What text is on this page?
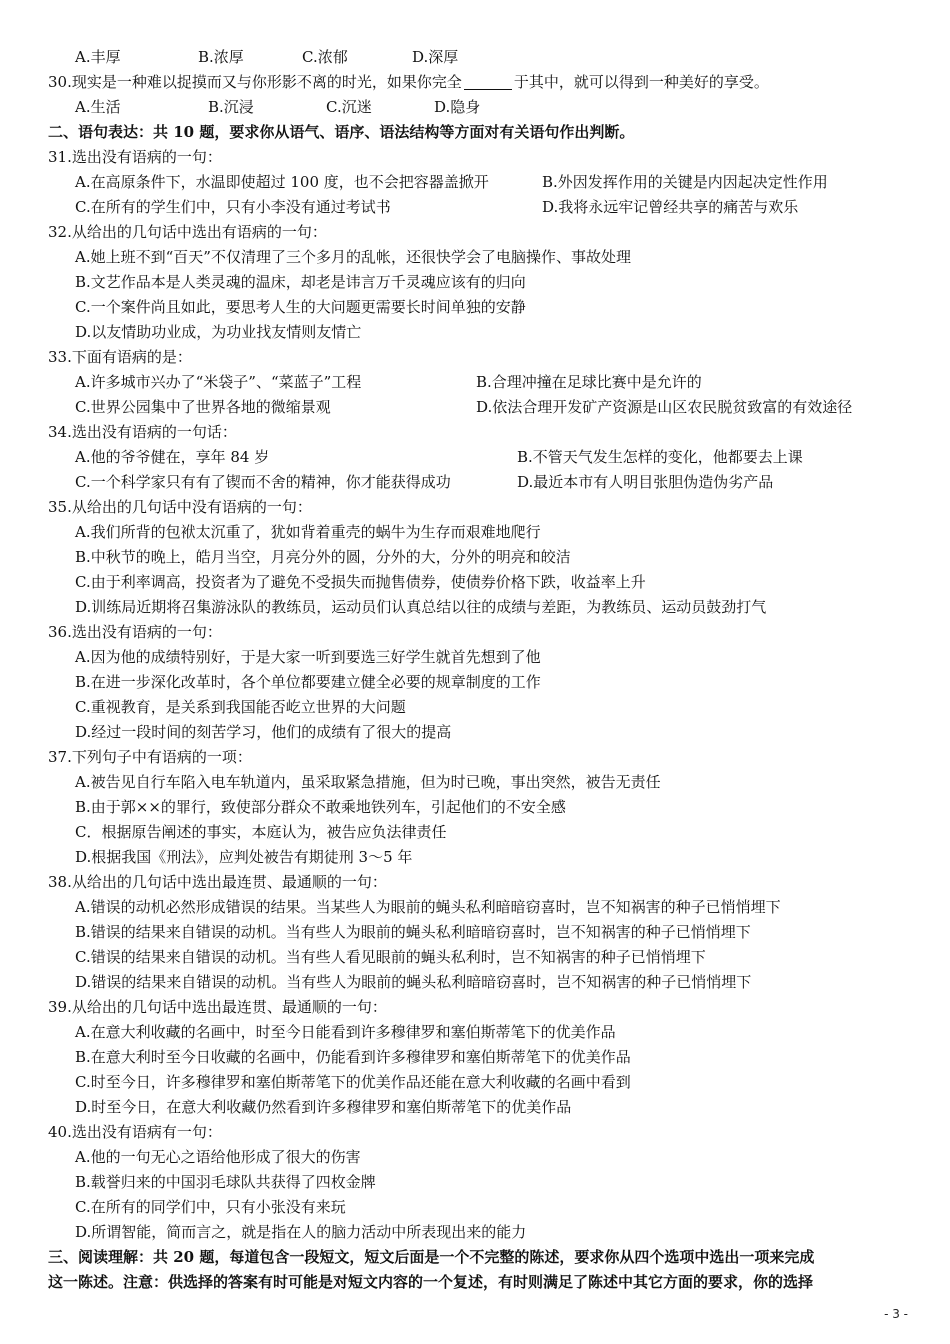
A.丰厚	B.浓厚	C.浓郁	D.深厚
30.现实是一种难以捉摸而又与你形影不离的时光，如果你完全	于其中，就可以得到一种美好的享受。
A.生活	B.沉浸	C.沉迷	D.隐身
二、语句表达：共 10 题，要求你从语气、语序、语法结构等方面对有关语句作出判断。
31.选出没有语病的一句：
A.在高原条件下，水温即使超过 100 度，也不会把容器盖掀开	B.外因发挥作用的关键是内因起决定性作用
C.在所有的学生们中，只有小李没有通过考试书	D.我将永远牢记曾经共享的痛苦与欢乐
32.从给出的几句话中选出有语病的一句：
A.她上班不到“百天”不仅清理了三个多月的乱帐，还很快学会了电脑操作、事故处理
B.文艺作品本是人类灵魂的温床，却老是讳言万千灵魂应该有的归向
C.一个案件尚且如此，要思考人生的大问题更需要长时间单独的安静
D.以友情助功业成，为功业找友情则友情亡
33.下面有语病的是：
A.许多城市兴办了“米袋子”、“菜蓝子”工程	B.合理冲撞在足球比赛中是允许的
C.世界公园集中了世界各地的微缩景观	D.依法合理开发矿产资源是山区农民脱贫致富的有效途径
34.选出没有语病的一句话：
A.他的爷爷健在，享年 84 岁	B.不管天气发生怎样的变化，他都要去上课
C.一个科学家只有有了锲而不舍的精神，你才能获得成功	D.最近本市有人明目张胆伪造伪劣产品
35.从给出的几句话中没有语病的一句：
A.我们所背的包袱太沉重了，犹如背着重壳的蜗牛为生存而艰难地爬行
B.中秋节的晚上，皓月当空，月亮分外的圆，分外的大，分外的明亮和皎洁
C.由于利率调高，投资者为了避免不受损失而抛售债券，使债券价格下跌，收益率上升
D.训练局近期将召集游泳队的教练员，运动员们认真总结以往的成绩与差距，为教练员、运动员鼓劲打气
36.选出没有语病的一句：
A.因为他的成绩特别好，于是大家一听到要选三好学生就首先想到了他
B.在进一步深化改革时，各个单位都要建立健全必要的规章制度的工作
C.重视教育，是关系到我国能否屹立世界的大问题
D.经过一段时间的刻苦学习，他们的成绩有了很大的提高
37.下列句子中有语病的一项：
A.被告见自行车陷入电车轨道内，虽采取紧急措施，但为时已晚，事出突然，被告无责任
B.由于郭××的罪行，致使部分群众不敢乘地铁列车，引起他们的不安全感
C．根据原告阐述的事实，本庭认为，被告应负法律责任
D.根据我国《刑法》，应判处被告有期徒刑 3～5 年
38.从给出的几句话中选出最连贯、最通顺的一句：
A.错误的动机必然形成错误的结果。当某些人为眼前的蝇头私利暗暗窃喜时，岂不知祸害的种子已悄悄埋下
B.错误的结果来自错误的动机。当有些人为眼前的蝇头私利暗暗窃喜时，岂不知祸害的种子已悄悄埋下
C.错误的结果来自错误的动机。当有些人看见眼前的蝇头私利时，岂不知祸害的种子已悄悄埋下
D.错误的结果来自错误的动机。当有些人为眼前的蝇头私利暗暗窃喜时，岂不知祸害的种子已悄悄埋下
39.从给出的几句话中选出最连贯、最通顺的一句：
A.在意大利收藏的名画中，时至今日能看到许多穆律罗和塞伯斯蒂笔下的优美作品
B.在意大利时至今日收藏的名画中，仍能看到许多穆律罗和塞伯斯蒂笔下的优美作品
C.时至今日，许多穆律罗和塞伯斯蒂笔下的优美作品还能在意大利收藏的名画中看到
D.时至今日，在意大利收藏仍然看到许多穆律罗和塞伯斯蒂笔下的优美作品
40.选出没有语病有一句：
A.他的一句无心之语给他形成了很大的伤害
B.载誉归来的中国羽毛球队共获得了四枚金牌
C.在所有的同学们中，只有小张没有来玩
D.所谓智能，简而言之，就是指在人的脑力活动中所表现出来的能力
三、阅读理解：共 20 题，每道包含一段短文，短文后面是一个不完整的陈述，要求你从四个选项中选出一项来完成
这一陈述。注意：供选择的答案有时可能是对短文内容的一个复述，有时则满足了陈述中其它方面的要求，你的选择
- 3 -
